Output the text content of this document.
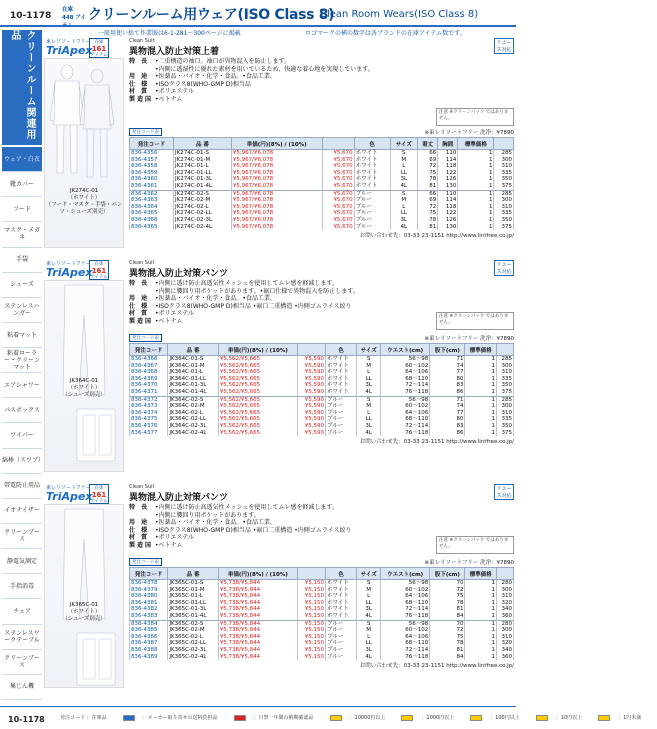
10-1178
在庫 448 アイ クリーンルーム用ウェア(ISO Class 8)
Clean Room Wears(ISO Class 8)
一般用使い捨て作業服は6-1-281〜300ページに掲載	ロゴマークの横の数字は各ブランドの在庫アイテム数です。
クリーンルーム関連用品
ウェア・白衣
靴カバー
フード
マスク・メガネ
手袋
シューズ
ステンレスハンガー
粘着マット
粘着ローラー・クリーンマット
エアシャワー
パスボックス
ワイパー
綿棒（スワブ）
帯電防止用品
イオナイザー
クリーンブース
静電気測定
手指消毒
チェア
ステンレスワークテーブル
クリーンブース
集じん機
東レリソートフリー
TriApex
在庫
161
アイテム
Clean Suit
異物混入防止対策上着
リユース対応
JK274C-01
（ホワイト）
（フード・マスク・手袋・パンツ・シューズ別売）
特 長 •二重構造の袖口。袖口が異物混入を防止します。
•内側に透湿性に優れた素材を用いているため、快適な着心地を実現しています。
用 途 •医薬品・バイオ・化学・食品。•食品工業。
仕 様 •ISOクラス8(WHO-GMP D)相当品
材 質 •ポリエステル
製造国 •ベトナム
注意 ※クリーンパック ではありません。
※東レリソートフリー 洗浄：¥7890
発注コード表
発注コード	品 番	単価(円)(8%) / (10%)		色	サイズ	着丈	胸囲	標準価格	
836-4356	JK274C-01-S	¥5,967/¥6,078	¥5,670	ホワイト	S	66	110	1	285
836-4357	JK274C-01-M	¥5,967/¥6,078	¥5,670	ホワイト	M	69	114	1	300
836-4358	JK274C-01-L	¥5,967/¥6,078	¥5,670	ホワイト	L	72	118	1	310
836-4359	JK274C-01-LL	¥5,967/¥6,078	¥5,670	ホワイト	LL	75	122	1	335
836-4360	JK274C-01-3L	¥5,967/¥6,078	¥5,670	ホワイト	3L	78	126	1	350
836-4361	JK274C-01-4L	¥5,967/¥6,078	¥5,670	ホワイト	4L	81	130	1	375
836-4362	JK274C-02-S	¥5,967/¥6,078	¥5,670	ブルー	S	66	110	1	285
836-4363	JK274C-02-M	¥5,967/¥6,078	¥5,670	ブルー	M	69	114	1	300
836-4364	JK274C-02-L	¥5,967/¥6,078	¥5,670	ブルー	L	72	118	1	310
836-4365	JK274C-02-LL	¥5,967/¥6,078	¥5,670	ブルー	LL	75	122	1	335
836-4366	JK274C-02-3L	¥5,967/¥6,078	¥5,670	ブルー	3L	78	126	1	350
836-4365	JK274C-02-4L	¥5,967/¥6,078	¥5,670	ブルー	4L	81	130	1	375
お問い合わせ先：03-33 23-1151 http://www.lintfree.co.jp/
東レリソートフリー
TriApex
在庫
161
アイテム
Clean Suit
異物混入防止対策パンツ
リユース対応
JK364C-01
（ホワイト）
（シューズ別売）
特 長 •内側に透け防止高透気性メッシュを使用してムレ感を軽減します。
•内側に腰回り用ポケットがあります。•裾口仕様で異物混入を防止します。
用 途 •医薬品・バイオ・化学・食品。•食品工業。
仕 様 •ISOクラス8(WHO-GMP D)相当品 •裾口二重構造 •内側ゴムライス絞り
材 質 •ポリエステル
製造国 •ベトナム
注意 ※クリーンパック ではありません。
※東レリソートフリー 洗浄：¥7890
発注コード表
発注コード	品 番	単価(円)(8%) / (10%)		色	サイズ	ウエスト(cm)	股下(cm)	標準価格	
836-4366	JK364C-01-S	¥5,562/¥5,665	¥5,590	ホワイト	S	56〜98	71	1	285
836-4367	JK364C-01-M	¥5,562/¥5,665	¥5,590	ホワイト	M	60〜102	74	1	300
836-4368	JK364C-01-L	¥5,562/¥5,665	¥5,590	ホワイト	L	64〜106	77	1	310
836-4369	JK364C-01-LL	¥5,562/¥5,665	¥5,590	ホワイト	LL	68〜110	80	1	335
836-4370	JK364C-01-3L	¥5,562/¥5,665	¥5,590	ホワイト	3L	72〜114	83	1	350
836-4371	JK364C-01-4L	¥5,562/¥5,665	¥5,590	ホワイト	4L	76〜118	86	1	375
836-4372	JK364C-02-S	¥5,562/¥5,665	¥5,590	ブルー	S	56〜98	71	1	285
836-4373	JK364C-02-M	¥5,562/¥5,665	¥5,590	ブルー	M	60〜102	74	1	300
836-4374	JK364C-02-L	¥5,562/¥5,665	¥5,590	ブルー	L	64〜106	77	1	310
836-4375	JK364C-02-LL	¥5,562/¥5,665	¥5,590	ブルー	LL	68〜110	80	1	335
836-4376	JK364C-02-3L	¥5,562/¥5,665	¥5,590	ブルー	3L	72〜114	83	1	350
836-4377	JK364C-02-4L	¥5,562/¥5,665	¥5,590	ブルー	4L	76〜118	86	1	375
お問い合わせ先：03-33 23-1151 http://www.lintfree.co.jp/
東レリソートフリー
TriApex
在庫
161
アイテム
Clean Suit
異物混入防止対策パンツ
リユース対応
JK365C-01
（ホワイト）
（シューズ別売）
特 長 •内側に透け防止高透気性メッシュを使用してムレ感を軽減します。
•内側に腰回り用ポケットがあります。
用 途 •医薬品・バイオ・化学・食品。•食品工業。
仕 様 •ISOクラス8(WHO-GMP D)相当品 •裾口二重構造 •内側ゴムライス絞り
材 質 •ポリエステル
製造国 •ベトナム
注意 ※クリーンパック ではありません。
※東レリソートフリー 洗浄：¥7890
発注コード表
発注コード	品 番	単価(円)(8%) / (10%)		色	サイズ	ウエスト(cm)	股下(cm)	標準価格	
836-4378	JK365C-01-S	¥5,738/¥5,844	¥5,150	ホワイト	S	56〜98	70	1	280
836-4379	JK365C-01-M	¥5,738/¥5,844	¥5,150	ホワイト	M	60〜102	72	1	300
836-4380	JK365C-01-L	¥5,738/¥5,844	¥5,150	ホワイト	L	64〜106	75	1	310
836-4381	JK365C-01-LL	¥5,738/¥5,844	¥5,150	ホワイト	LL	68〜110	78	1	320
836-4382	JK365C-01-3L	¥5,738/¥5,844	¥5,150	ホワイト	3L	72〜114	81	1	340
836-4383	JK365C-01-4L	¥5,738/¥5,844	¥5,150	ホワイト	4L	76〜118	84	1	360
836-4384	JK365C-02-S	¥5,738/¥5,844	¥5,150	ブルー	S	56〜98	70	1	280
836-4385	JK365C-02-M	¥5,738/¥5,844	¥5,150	ブルー	M	60〜102	72	1	300
836-4386	JK365C-02-L	¥5,738/¥5,844	¥5,150	ブルー	L	64〜106	75	1	310
836-4387	JK365C-02-LL	¥5,738/¥5,844	¥5,150	ブルー	LL	68〜110	78	1	320
836-4388	JK365C-02-3L	¥5,738/¥5,844	¥5,150	ブルー	3L	72〜114	81	1	340
836-4389	JK365C-02-4L	¥5,738/¥5,844	¥5,150	ブルー	4L	76〜118	84	1	360
お問い合わせ先：03-33 23-1151 http://www.lintfree.co.jp/
10-1178	発注コード ：在庫品	：メーカー取り寄せの送料負担品	：日祭一年間の納期確認品	：10000円以上	：1000円以上	：100円以上	：10円以上	：1円未満
